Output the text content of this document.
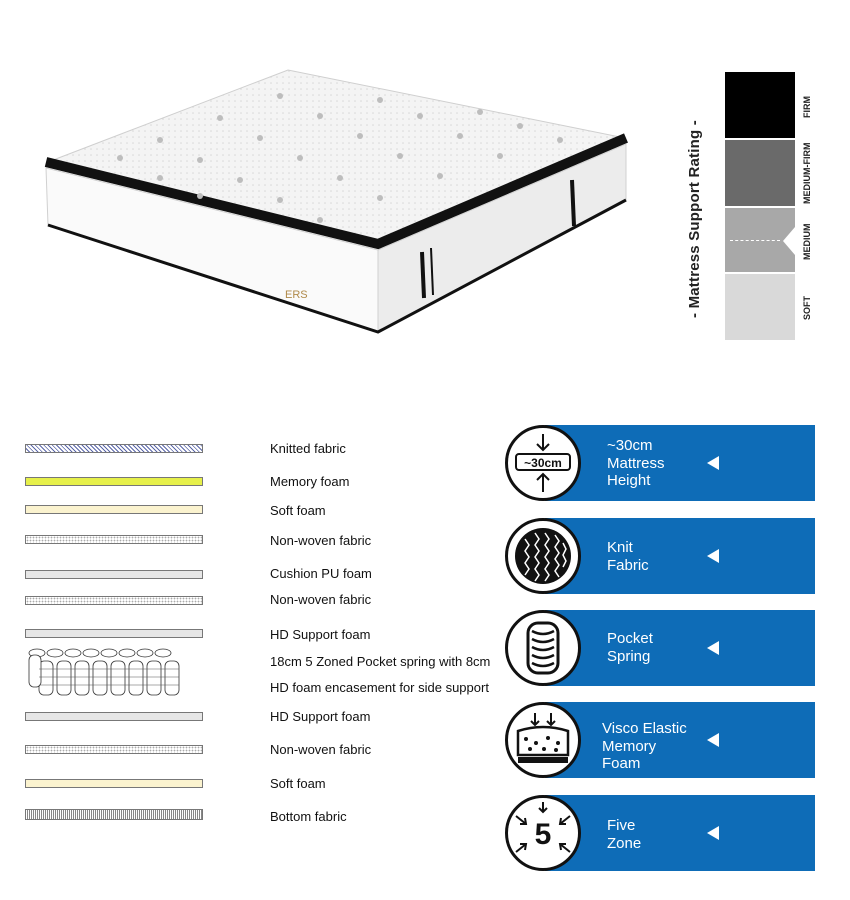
ERS	- Mattress Support Rating -
FIRM
MEDIUM-FIRM
MEDIUM
SOFT
Knitted fabric
Memory foam
Soft foam
Non-woven fabric
Cushion PU foam
Non-woven fabric
HD Support foam
18cm 5 Zoned Pocket spring with 8cm
HD foam encasement for side support
HD Support foam
Non-woven fabric
Soft foam
Bottom fabric
~30cm
~30cm
Mattress
Height
Knit
Fabric
Pocket
Spring
Visco Elastic
Memory
Foam
5	Five
Zone
